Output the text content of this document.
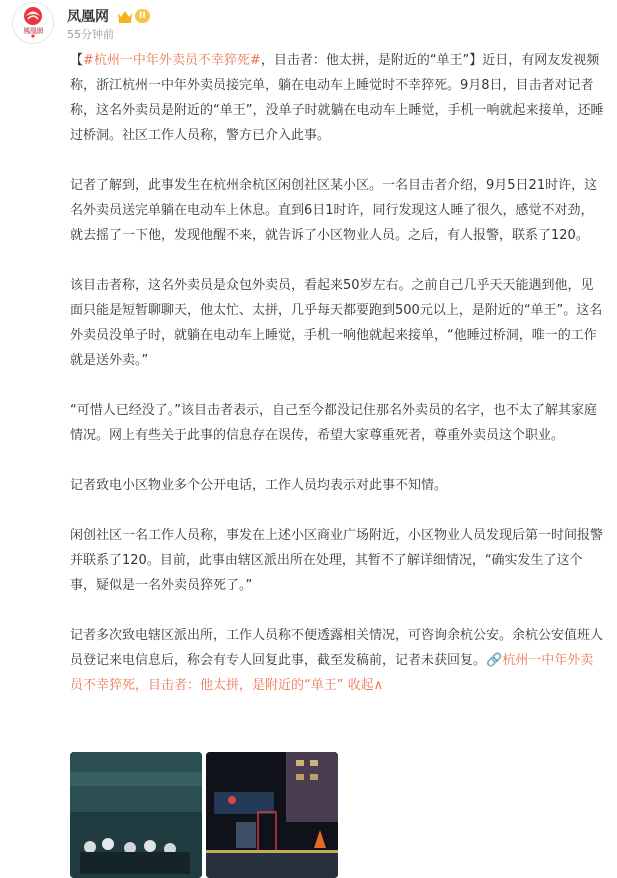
鳳凰網
凤凰网	II
55分钟前

【#杭州一中年外卖员不幸猝死#，目击者：他太拼，是附近的“单王”】近日，有网友发视频称，浙江杭州一中年外卖员接完单，躺在电动车上睡觉时不幸猝死。9月8日，目击者对记者称，这名外卖员是附近的“单王”，没单子时就躺在电动车上睡觉，手机一响就起来接单，还睡过桥洞。社区工作人员称，警方已介入此事。

记者了解到，此事发生在杭州余杭区闲创社区某小区。一名目击者介绍，9月5日21时许，这名外卖员送完单躺在电动车上休息。直到6日1时许，同行发现这人睡了很久，感觉不对劲，就去摇了一下他，发现他醒不来，就告诉了小区物业人员。之后，有人报警，联系了120。

该目击者称，这名外卖员是众包外卖员，看起来50岁左右。之前自己几乎天天能遇到他，见面只能是短暂聊聊天，他太忙、太拼，几乎每天都要跑到500元以上，是附近的“单王”。这名外卖员没单子时，就躺在电动车上睡觉，手机一响他就起来接单，“他睡过桥洞，唯一的工作就是送外卖。”

“可惜人已经没了。”该目击者表示，自己至今都没记住那名外卖员的名字，也不太了解其家庭情况。网上有些关于此事的信息存在误传，希望大家尊重死者，尊重外卖员这个职业。

记者致电小区物业多个公开电话，工作人员均表示对此事不知情。

闲创社区一名工作人员称，事发在上述小区商业广场附近，小区物业人员发现后第一时间报警并联系了120。目前，此事由辖区派出所在处理，其暂不了解详细情况，“确实发生了这个事，疑似是一名外卖员猝死了。”

记者多次致电辖区派出所，工作人员称不便透露相关情况，可咨询余杭公安。余杭公安值班人员登记来电信息后，称会有专人回复此事，截至发稿前，记者未获回复。🔗杭州一中年外卖员不幸猝死，目击者：他太拼，是附近的“单王” 收起∧
